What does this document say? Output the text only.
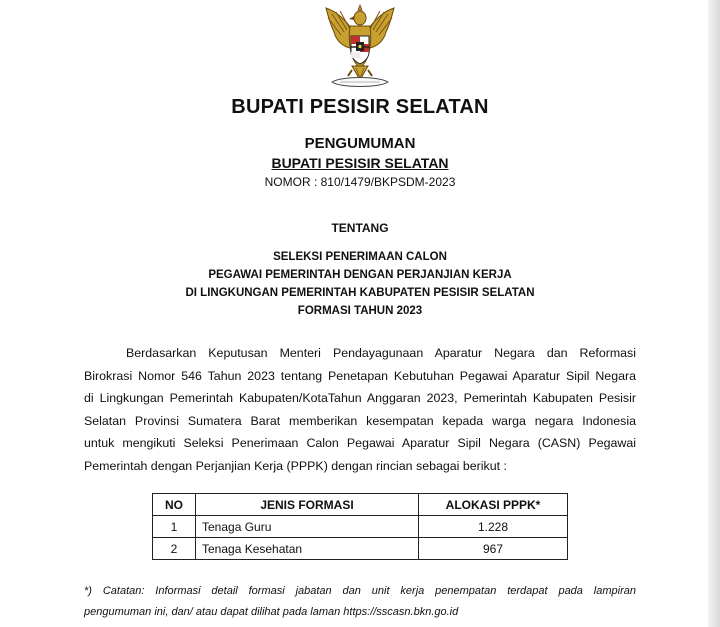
BUPATI PESISIR SELATAN
PENGUMUMAN
BUPATI PESISIR SELATAN
NOMOR : 810/1479/BKPSDM-2023
TENTANG
SELEKSI PENERIMAAN CALON
PEGAWAI PEMERINTAH DENGAN PERJANJIAN KERJA
DI LINGKUNGAN PEMERINTAH KABUPATEN PESISIR SELATAN
FORMASI TAHUN 2023
Berdasarkan Keputusan Menteri Pendayagunaan Aparatur Negara dan Reformasi
Birokrasi Nomor 546 Tahun 2023 tentang Penetapan Kebutuhan Pegawai Aparatur Sipil Negara
di Lingkungan Pemerintah Kabupaten/KotaTahun Anggaran 2023, Pemerintah Kabupaten Pesisir
Selatan Provinsi Sumatera Barat memberikan kesempatan kepada warga negara Indonesia
untuk mengikuti Seleksi Penerimaan Calon Pegawai Aparatur Sipil Negara (CASN) Pegawai
Pemerintah dengan Perjanjian Kerja (PPPK) dengan rincian sebagai berikut :
NO	JENIS FORMASI	ALOKASI PPPK*
1	Tenaga Guru	1.228
2	Tenaga Kesehatan	967
*) Catatan: Informasi detail formasi jabatan dan unit kerja penempatan terdapat pada lampiran
pengumuman ini, dan/ atau dapat dilihat pada laman https://sscasn.bkn.go.id
